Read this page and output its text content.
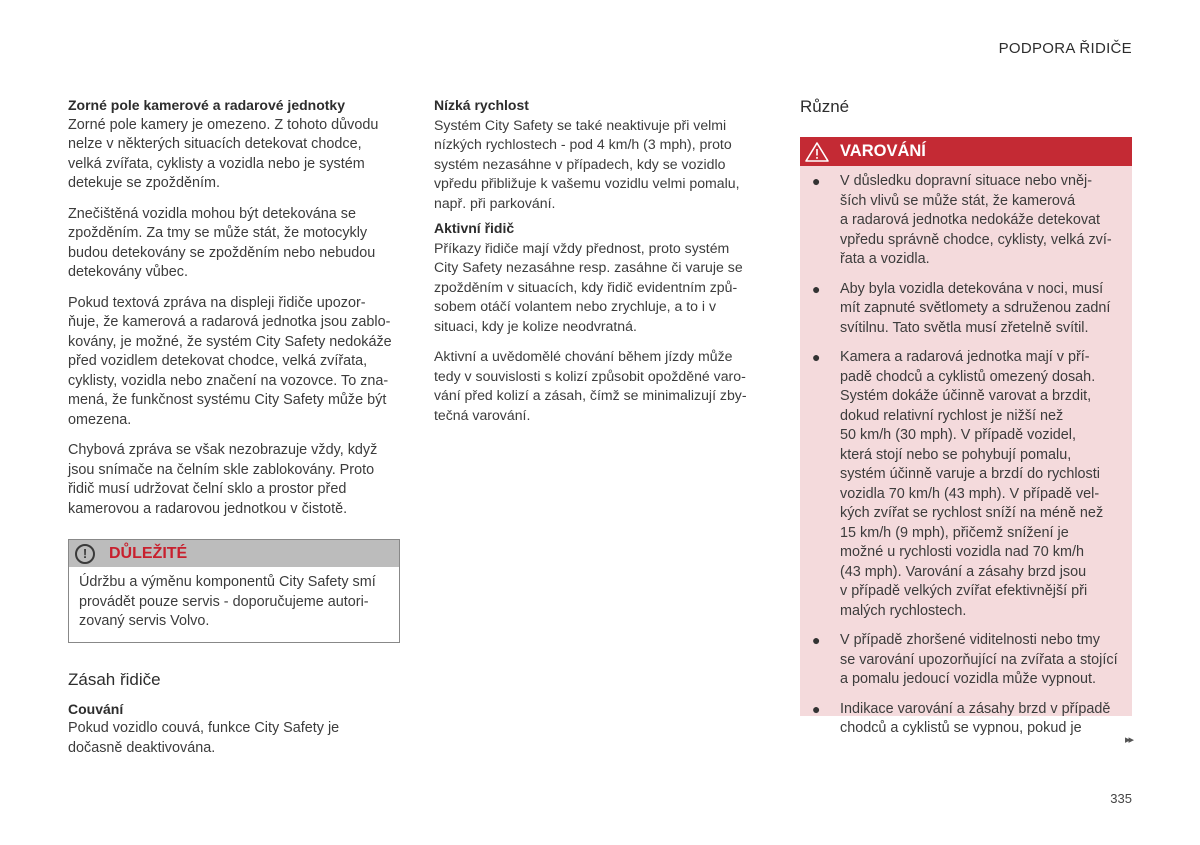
PODPORA ŘIDIČE

Zorné pole kamerové a radarové jednotky

Zorné pole kamery je omezeno. Z tohoto důvodu
nelze v některých situacích detekovat chodce,
velká zvířata, cyklisty a vozidla nebo je systém
detekuje se zpožděním.

Znečištěná vozidla mohou být detekována se
zpožděním. Za tmy se může stát, že motocykly
budou detekovány se zpožděním nebo nebudou
detekovány vůbec.

Pokud textová zpráva na displeji řidiče upozor-
ňuje, že kamerová a radarová jednotka jsou zablo-
kovány, je možné, že systém City Safety nedokáže
před vozidlem detekovat chodce, velká zvířata,
cyklisty, vozidla nebo značení na vozovce. To zna-
mená, že funkčnost systému City Safety může být
omezena.

Chybová zpráva se však nezobrazuje vždy, když
jsou snímače na čelním skle zablokovány. Proto
řidič musí udržovat čelní sklo a prostor před
kamerovou a radarovou jednotkou v čistotě.

!	DŮLEŽITÉ

Údržbu a výměnu komponentů City Safety smí
provádět pouze servis - doporučujeme autori-
zovaný servis Volvo.

Zásah řidiče

Couvání

Pokud vozidlo couvá, funkce City Safety je
dočasně deaktivována.

Nízká rychlost

Systém City Safety se také neaktivuje při velmi
nízkých rychlostech - pod 4 km/h (3 mph), proto
systém nezasáhne v případech, kdy se vozidlo
vpředu přibližuje k vašemu vozidlu velmi pomalu,
např. při parkování.

Aktivní řidič

Příkazy řidiče mají vždy přednost, proto systém
City Safety nezasáhne resp. zasáhne či varuje se
zpožděním v situacích, kdy řidič evidentním způ-
sobem otáčí volantem nebo zrychluje, a to i v
situaci, kdy je kolize neodvratná.

Aktivní a uvědomělé chování během jízdy může
tedy v souvislosti s kolizí způsobit opožděné varo-
vání před kolizí a zásah, čímž se minimalizují zby-
tečná varování.

Různé

VAROVÁNÍ
●	V důsledku dopravní situace nebo vněj-
ších vlivů se může stát, že kamerová
a radarová jednotka nedokáže detekovat
vpředu správně chodce, cyklisty, velká zví-
řata a vozidla.

●	Aby byla vozidla detekována v noci, musí
mít zapnuté světlomety a sdruženou zadní
svítilnu. Tato světla musí zřetelně svítil.

●	Kamera a radarová jednotka mají v pří-
padě chodců a cyklistů omezený dosah.
Systém dokáže účinně varovat a brzdit,
dokud relativní rychlost je nižší než
50 km/h (30 mph). V případě vozidel,
která stojí nebo se pohybují pomalu,
systém účinně varuje a brzdí do rychlosti
vozidla 70 km/h (43 mph). V případě vel-
kých zvířat se rychlost sníží na méně než
15 km/h (9 mph), přičemž snížení je
možné u rychlosti vozidla nad 70 km/h
(43 mph). Varování a zásahy brzd jsou
v případě velkých zvířat efektivnější při
malých rychlostech.

●	V případě zhoršené viditelnosti nebo tmy
se varování upozorňující na zvířata a stojící
a pomalu jedoucí vozidla může vypnout.

●	Indikace varování a zásahy brzd v případě
chodců a cyklistů se vypnou, pokud je

▸▸
335
